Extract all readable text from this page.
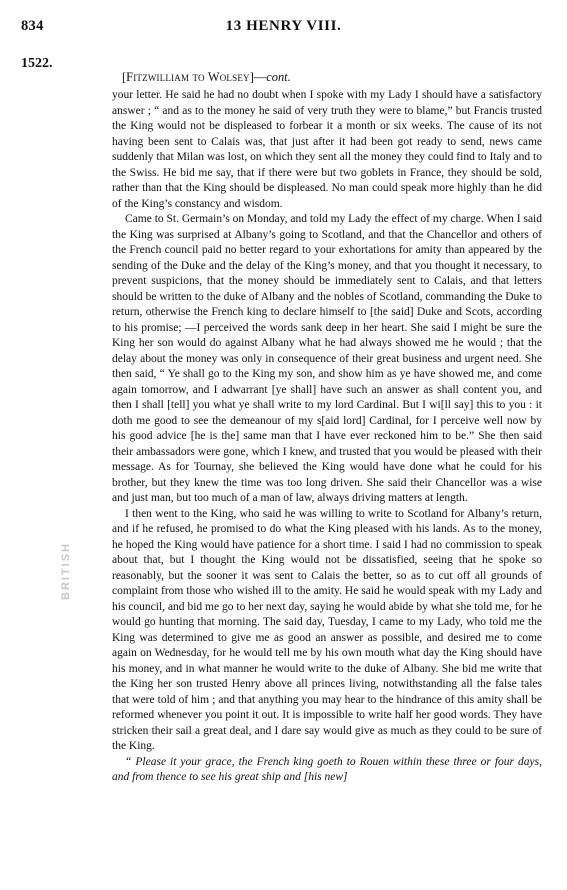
834	13 HENRY VIII.
1522.
BRITISH
[Fitzwilliam to Wolsey]—cont.

your letter. He said he had no doubt when I spoke with my Lady I should have a satisfactory answer ; “ and as to the money he said of very truth they were to blame,” but Francis trusted the King would not be displeased to forbear it a month or six weeks. The cause of its not having been sent to Calais was, that just after it had been got ready to send, news came suddenly that Milan was lost, on which they sent all the money they could find to Italy and to the Swiss. He bid me say, that if there were but two goblets in France, they should be sold, rather than that the King should be displeased. No man could speak more highly than he did of the King’s constancy and wisdom.

Came to St. Germain’s on Monday, and told my Lady the effect of my charge. When I said the King was surprised at Albany’s going to Scotland, and that the Chancellor and others of the French council paid no better regard to your exhortations for amity than appeared by the sending of the Duke and the delay of the King’s money, and that you thought it necessary, to prevent suspicions, that the money should be immediately sent to Calais, and that letters should be written to the duke of Albany and the nobles of Scotland, commanding the Duke to return, otherwise the French king to declare himself to [the said] Duke and Scots, according to his promise; —I perceived the words sank deep in her heart. She said I might be sure the King her son would do against Albany what he had always showed me he would ; that the delay about the money was only in consequence of their great business and urgent need. She then said, “ Ye shall go to the King my son, and show him as ye have showed me, and come again tomorrow, and I adwarrant [ye shall] have such an answer as shall content you, and then I shall [tell] you what ye shall write to my lord Cardinal. But I wi[ll say] this to you : it doth me good to see the demeanour of my s[aid lord] Cardinal, for I perceive well now by his good advice [he is the] same man that I have ever reckoned him to be.” She then said their ambassadors were gone, which I knew, and trusted that you would be pleased with their message. As for Tournay, she believed the King would have done what he could for his brother, but they knew the time was too long driven. She said their Chancellor was a wise and just man, but too much of a man of law, always driving matters at length.

I then went to the King, who said he was willing to write to Scotland for Albany’s return, and if he refused, he promised to do what the King pleased with his lands. As to the money, he hoped the King would have patience for a short time. I said I had no commission to speak about that, but I thought the King would not be dissatisfied, seeing that he spoke so reasonably, but the sooner it was sent to Calais the better, so as to cut off all grounds of complaint from those who wished ill to the amity. He said he would speak with my Lady and his council, and bid me go to her next day, saying he would abide by what she told me, for he would go hunting that morning. The said day, Tuesday, I came to my Lady, who told me the King was determined to give me as good an answer as possible, and desired me to come again on Wednesday, for he would tell me by his own mouth what day the King should have his money, and in what manner he would write to the duke of Albany. She bid me write that the King her son trusted Henry above all princes living, notwithstanding all the false tales that were told of him ; and that anything you may hear to the hindrance of this amity shall be reformed whenever you point it out. It is impossible to write half her good words. They have stricken their sail a great deal, and I dare say would give as much as they could to be sure of the King.

“ Please it your grace, the French king goeth to Rouen within these three or four days, and from thence to see his great ship and [his new]
